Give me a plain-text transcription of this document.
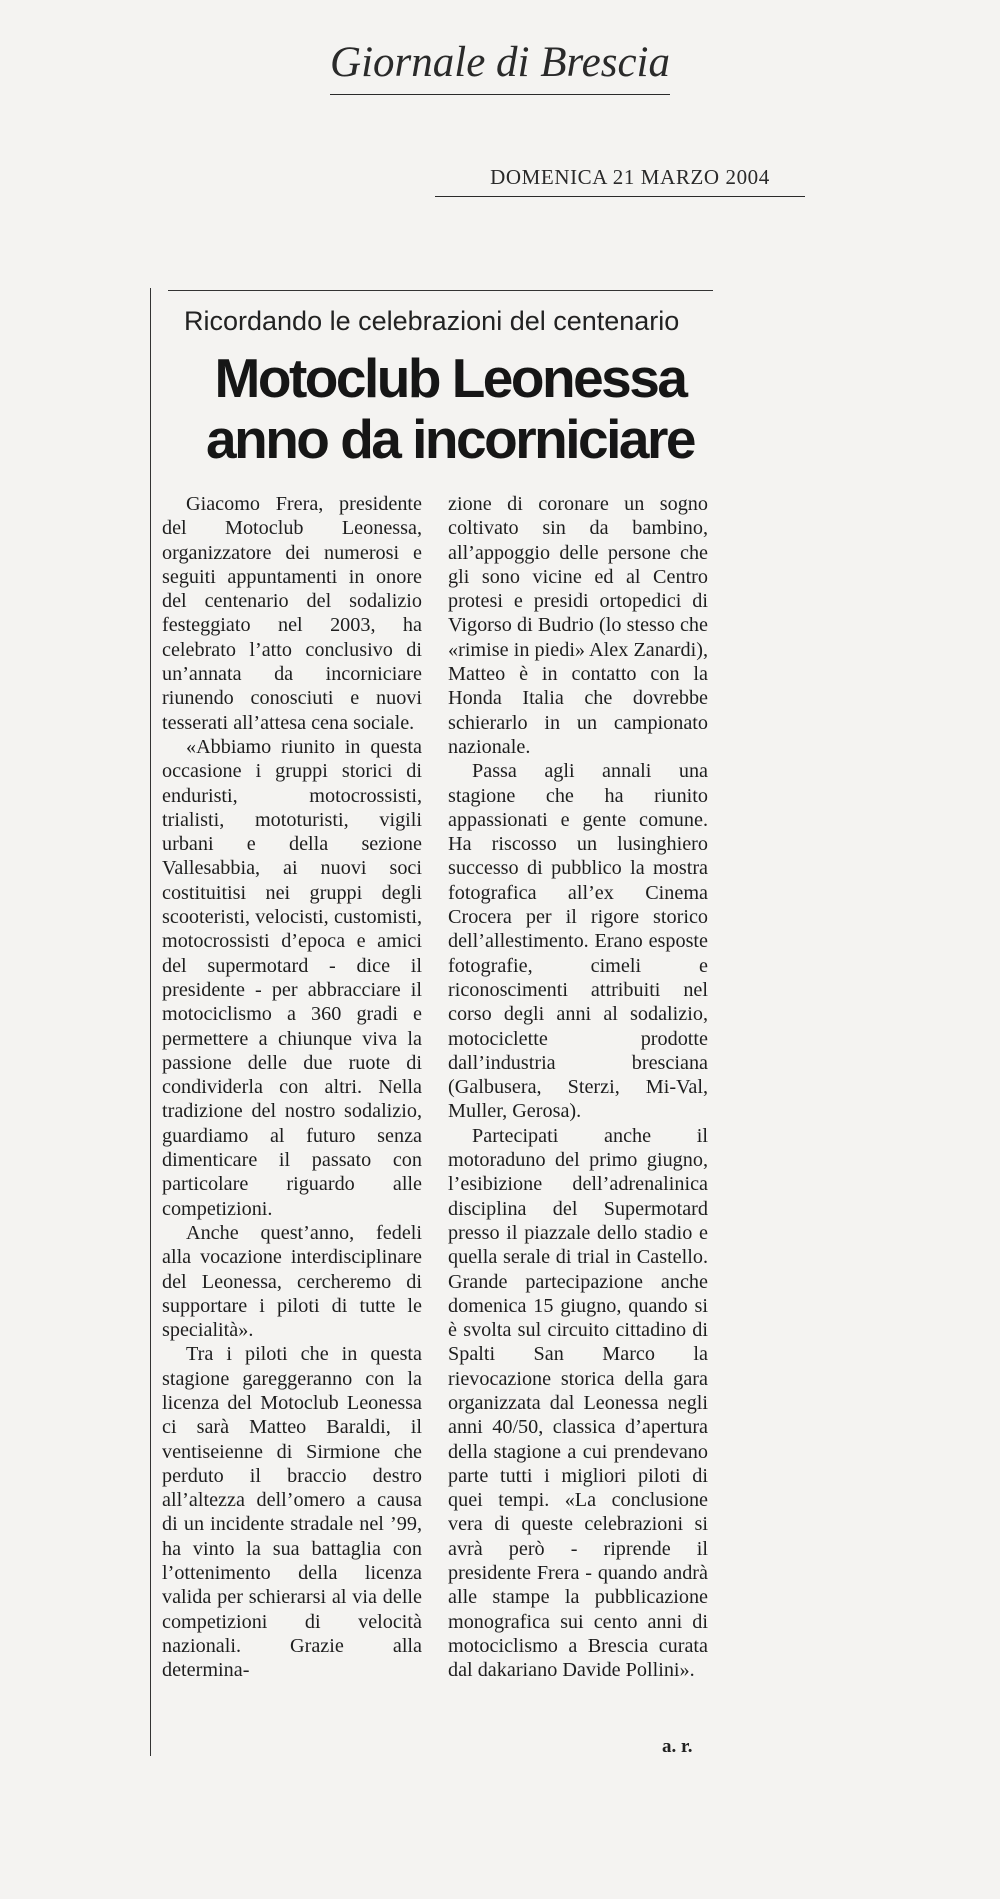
Giornale di Brescia
DOMENICA 21 MARZO 2004
Ricordando le celebrazioni del centenario
Motoclub Leonessa
anno da incorniciare

Giacomo Frera, presidente del Motoclub Leonessa, organizzatore dei numerosi e seguiti appuntamenti in onore del centenario del sodalizio festeggiato nel 2003, ha celebrato l’atto conclusivo di un’annata da incorniciare riunendo conosciuti e nuovi tesserati all’attesa cena sociale.

«Abbiamo riunito in questa occasione i gruppi storici di enduristi, motocrossisti, trialisti, mototuristi, vigili urbani e della sezione Vallesabbia, ai nuovi soci costituitisi nei gruppi degli scooteristi, velocisti, customisti, motocrossisti d’epoca e amici del supermotard - dice il presidente - per abbracciare il motociclismo a 360 gradi e permettere a chiunque viva la passione delle due ruote di condividerla con altri. Nella tradizione del nostro sodalizio, guardiamo al futuro senza dimenticare il passato con particolare riguardo alle competizioni.

Anche quest’anno, fedeli alla vocazione interdisciplinare del Leonessa, cercheremo di supportare i piloti di tutte le specialità».

Tra i piloti che in questa stagione gareggeranno con la licenza del Motoclub Leonessa ci sarà Matteo Baraldi, il ventiseienne di Sirmione che perduto il braccio destro all’altezza dell’omero a causa di un incidente stradale nel ’99, ha vinto la sua battaglia con l’ottenimento della licenza valida per schierarsi al via delle competizioni di velocità nazionali. Grazie alla determina-

zione di coronare un sogno coltivato sin da bambino, all’appoggio delle persone che gli sono vicine ed al Centro protesi e presidi ortopedici di Vigorso di Budrio (lo stesso che «rimise in piedi» Alex Zanardi), Matteo è in contatto con la Honda Italia che dovrebbe schierarlo in un campionato nazionale.

Passa agli annali una stagione che ha riunito appassionati e gente comune. Ha riscosso un lusinghiero successo di pubblico la mostra fotografica all’ex Cinema Crocera per il rigore storico dell’allestimento. Erano esposte fotografie, cimeli e riconoscimenti attribuiti nel corso degli anni al sodalizio, motociclette prodotte dall’industria bresciana (Galbusera, Sterzi, Mi-Val, Muller, Gerosa).

Partecipati anche il motoraduno del primo giugno, l’esibizione dell’adrenalinica disciplina del Supermotard presso il piazzale dello stadio e quella serale di trial in Castello. Grande partecipazione anche domenica 15 giugno, quando si è svolta sul circuito cittadino di Spalti San Marco la rievocazione storica della gara organizzata dal Leonessa negli anni 40/50, classica d’apertura della stagione a cui prendevano parte tutti i migliori piloti di quei tempi. «La conclusione vera di queste celebrazioni si avrà però - riprende il presidente Frera - quando andrà alle stampe la pubblicazione monografica sui cento anni di motociclismo a Brescia curata dal dakariano Davide Pollini».

a. r.
